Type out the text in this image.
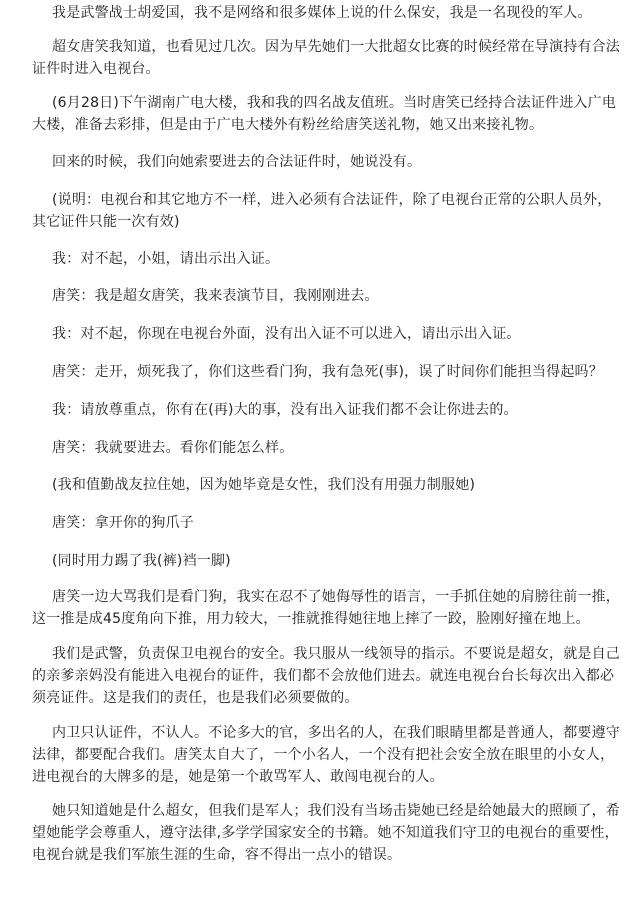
我是武警战士胡爱国，我不是网络和很多媒体上说的什么保安，我是一名现役的军人。

超女唐笑我知道，也看见过几次。因为早先她们一大批超女比赛的时候经常在导演持有合法证件时进入电视台。

(6月28日)下午湖南广电大楼，我和我的四名战友值班。当时唐笑已经持合法证件进入广电大楼，准备去彩排，但是由于广电大楼外有粉丝给唐笑送礼物，她又出来接礼物。

回来的时候，我们向她索要进去的合法证件时，她说没有。

(说明：电视台和其它地方不一样，进入必须有合法证件，除了电视台正常的公职人员外，其它证件只能一次有效)

我：对不起，小姐，请出示出入证。

唐笑：我是超女唐笑，我来表演节目，我刚刚进去。

我：对不起，你现在电视台外面，没有出入证不可以进入，请出示出入证。

唐笑：走开，烦死我了，你们这些看门狗，我有急死(事)，误了时间你们能担当得起吗？

我：请放尊重点，你有在(再)大的事，没有出入证我们都不会让你进去的。

唐笑：我就要进去。看你们能怎么样。

(我和值勤战友拉住她，因为她毕竟是女性，我们没有用强力制服她)

唐笑：拿开你的狗爪子

(同时用力踢了我(裤)裆一脚)

唐笑一边大骂我们是看门狗，我实在忍不了她侮辱性的语言，一手抓住她的肩膀往前一推，这一推是成45度角向下推，用力较大，一推就推得她往地上摔了一跤，脸刚好撞在地上。

我们是武警，负责保卫电视台的安全。我只服从一线领导的指示。不要说是超女，就是自己的亲爹亲妈没有能进入电视台的证件，我们都不会放他们进去。就连电视台台长每次出入都必须亮证件。这是我们的责任，也是我们必须要做的。

内卫只认证件，不认人。不论多大的官，多出名的人，在我们眼睛里都是普通人，都要遵守法律，都要配合我们。唐笑太自大了，一个小名人，一个没有把社会安全放在眼里的小女人，进电视台的大牌多的是，她是第一个敢骂军人、敢闯电视台的人。

她只知道她是什么超女，但我们是军人；我们没有当场击毙她已经是给她最大的照顾了，希望她能学会尊重人，遵守法律,多学学国家安全的书籍。她不知道我们守卫的电视台的重要性，电视台就是我们军旅生涯的生命，容不得出一点小的错误。
